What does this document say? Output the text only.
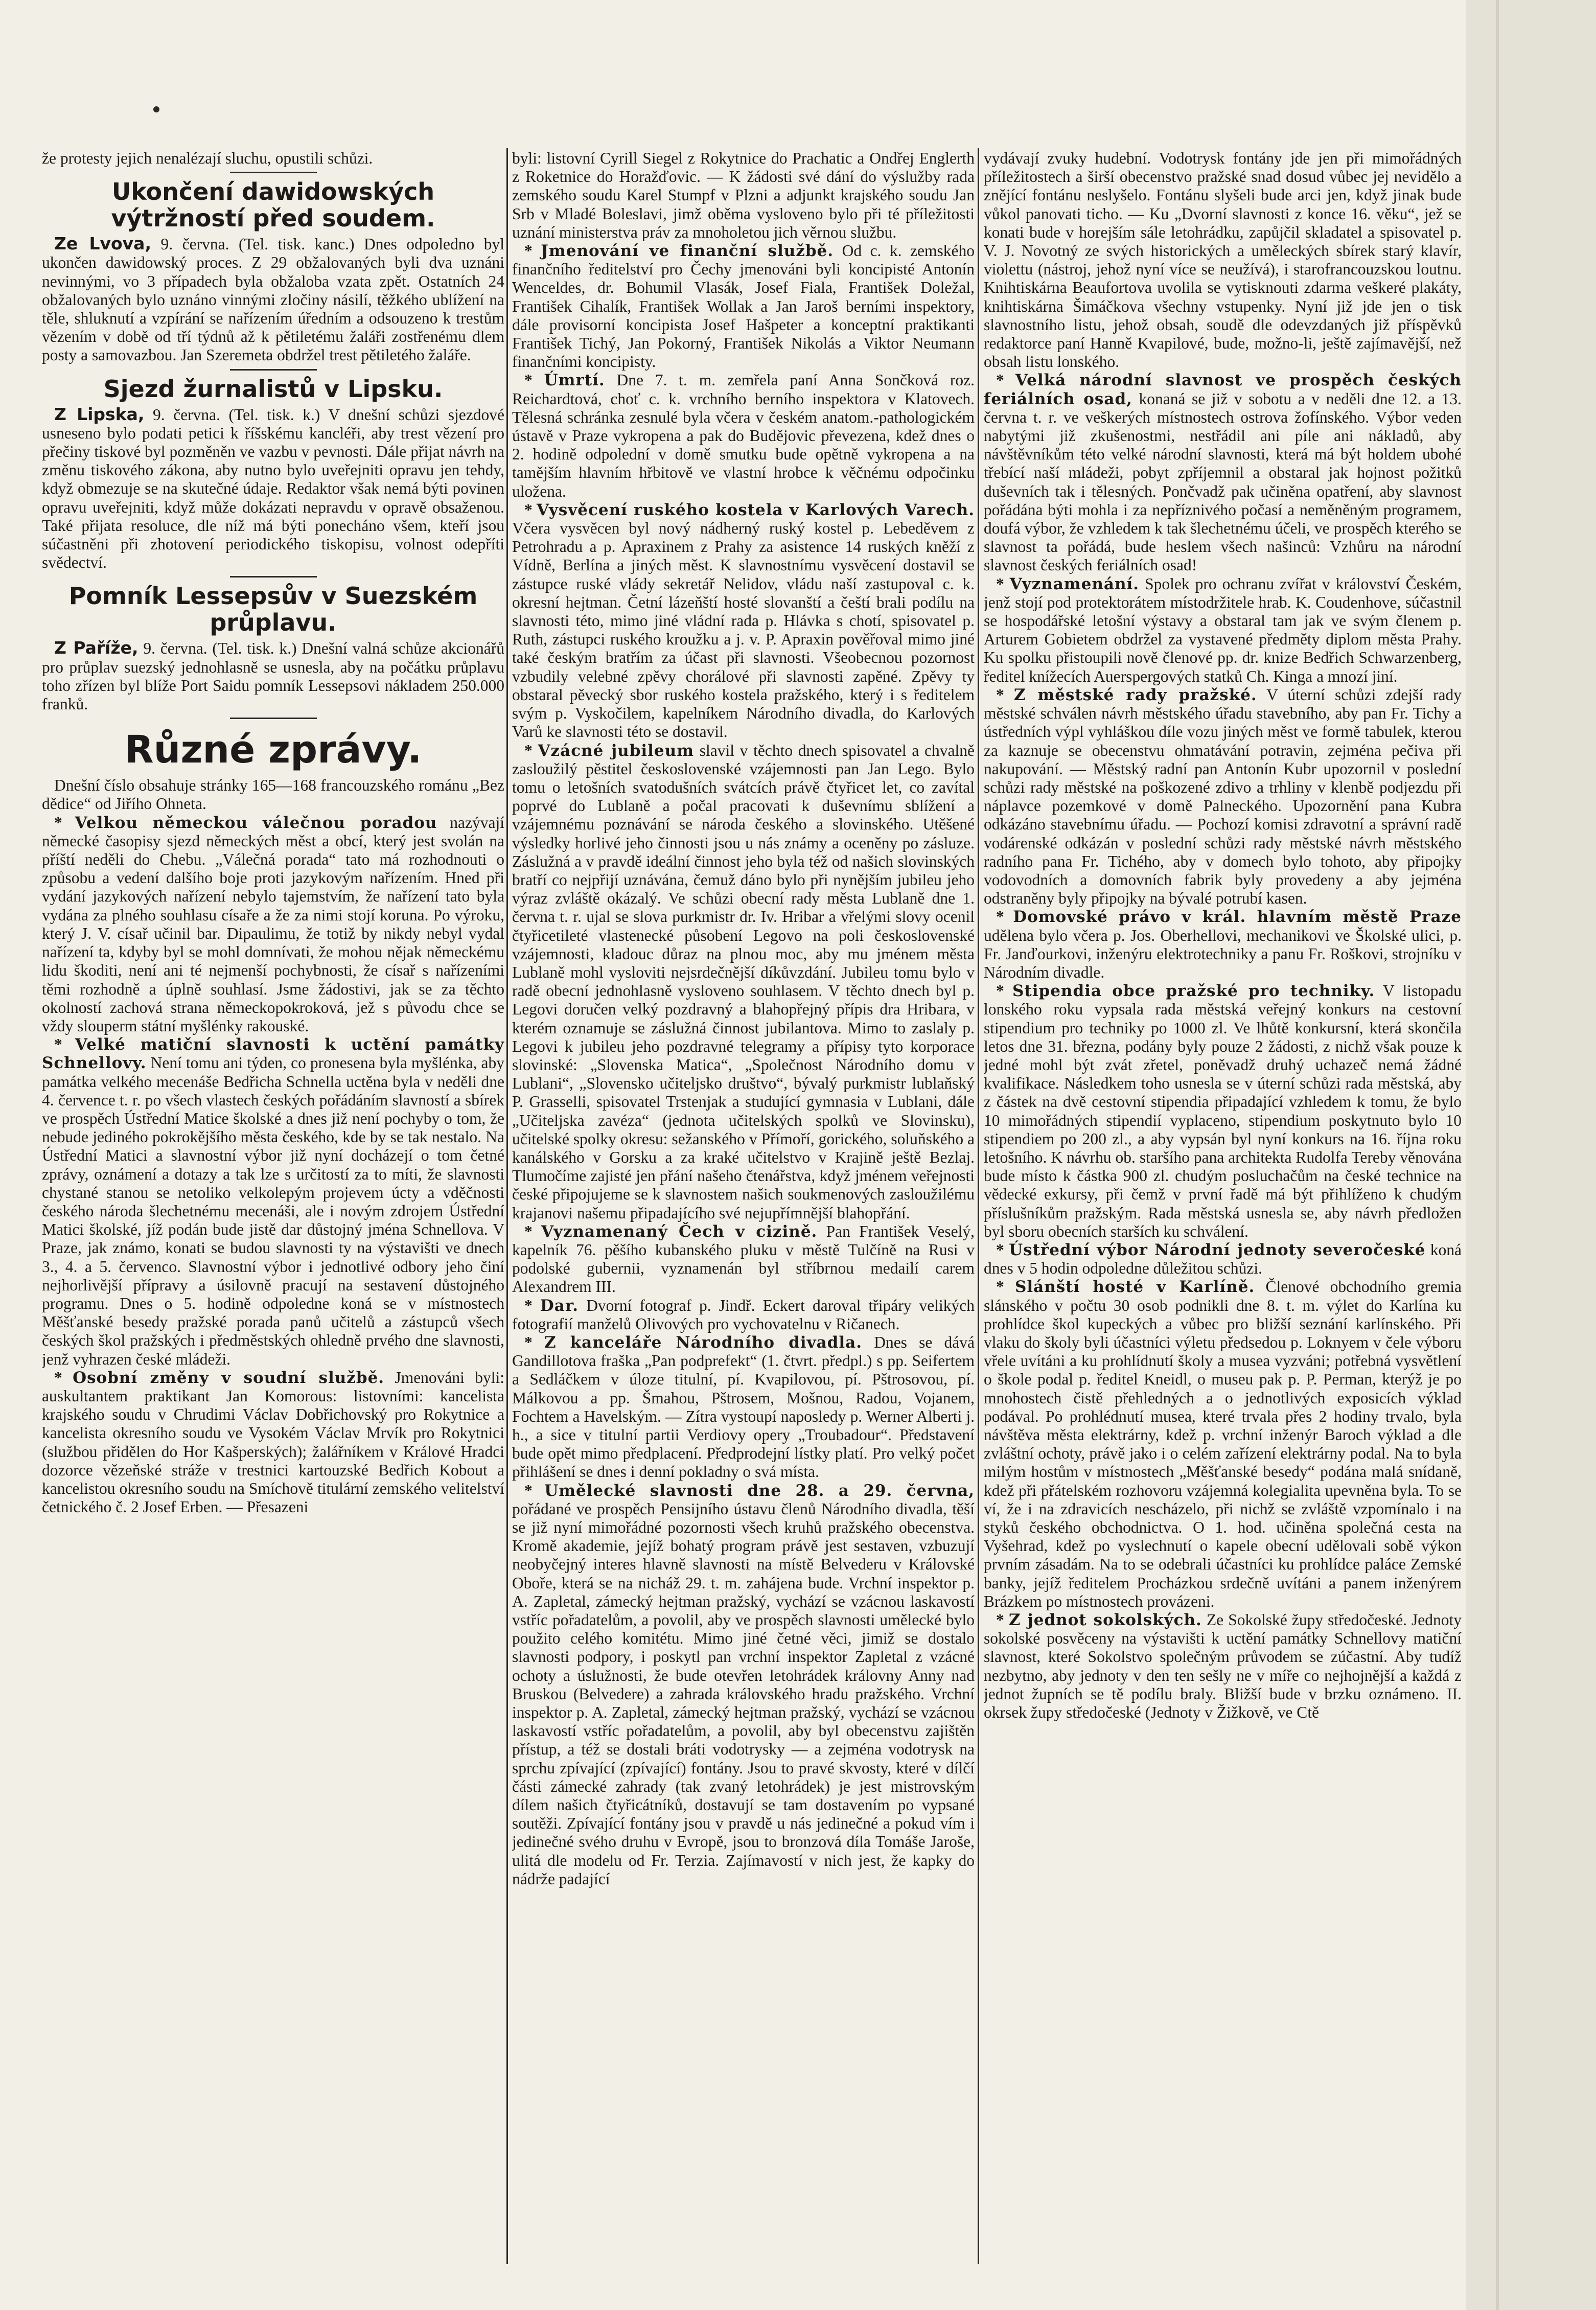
že protesty jejich nenalézají sluchu, opustili schůzi.

Ukončení dawidowských výtržností před soudem.

Ze Lvova, 9. června. (Tel. tisk. kanc.) Dnes odpoledno byl ukončen dawidowský proces. Z 29 obžalovaných byli dva uznáni nevinnými, vo 3 případech byla obžaloba vzata zpět. Ostatních 24 obžalovaných bylo uznáno vinnými zločiny násilí, těžkého ublížení na těle, shluknutí a vzpírání se nařízením úředním a odsouzeno k trestům vězením v době od tří týdnů až k pětiletému žaláři zostřenému dlem posty a samovazbou. Jan Szeremeta obdržel trest pětiletého žaláře.

Sjezd žurnalistů v Lipsku.

Z Lipska, 9. června. (Tel. tisk. k.) V dnešní schůzi sjezdové usneseno bylo podati petici k říšskému kancléři, aby trest vězení pro přečiny tiskové byl pozměněn ve vazbu v pevnosti. Dále přijat návrh na změnu tiskového zákona, aby nutno bylo uveřejniti opravu jen tehdy, když obmezuje se na skutečné údaje. Redaktor však nemá býti povinen opravu uveřejniti, když může dokázati nepravdu v opravě obsaženou. Také přijata resoluce, dle níž má býti ponecháno všem, kteří jsou súčastněni při zhotovení periodického tiskopisu, volnost odepříti svědectví.

Pomník Lessepsův v Suezském průplavu.

Z Paříže, 9. června. (Tel. tisk. k.) Dnešní valná schůze akcionářů pro průplav suezský jednohlasně se usnesla, aby na počátku průplavu toho zřízen byl blíže Port Saidu pomník Lessepsovi nákladem 250.000 franků.

Různé zprávy.

Dnešní číslo obsahuje stránky 165—168 francouzského románu „Bez dědice“ od Jiřího Ohneta.

* Velkou německou válečnou poradou nazývají německé časopisy sjezd německých měst a obcí, který jest svolán na příští neděli do Chebu. „Válečná porada“ tato má rozhodnouti o způsobu a vedení dalšího boje proti jazykovým nařízením. Hned při vydání jazykových nařízení nebylo tajemstvím, že nařízení tato byla vydána za plného souhlasu císaře a že za nimi stojí koruna. Po výroku, který J. V. císař učinil bar. Dipaulimu, že totiž by nikdy nebyl vydal nařízení ta, kdyby byl se mohl domnívati, že mohou nějak německému lidu škoditi, není ani té nejmenší pochybnosti, že císař s nařízeními těmi rozhodně a úplně souhlasí. Jsme žádostivi, jak se za těchto okolností zachová strana německopokroková, jež s původu chce se vždy slouperm státní myšlénky rakouské.

* Velké matiční slavnosti k uctění památky Schnellovy. Není tomu ani týden, co pronesena byla myšlénka, aby památka velkého mecenáše Bedřicha Schnella uctěna byla v neděli dne 4. července t. r. po všech vlastech českých pořádáním slavností a sbírek ve prospěch Ústřední Matice školské a dnes již není pochyby o tom, že nebude jediného pokrokějšího města českého, kde by se tak nestalo. Na Ústřední Matici a slavnostní výbor již nyní docházejí o tom četné zprávy, oznámení a dotazy a tak lze s určitostí za to míti, že slavnosti chystané stanou se netoliko velkolepým projevem úcty a vděčnosti českého národa šlechetnému mecenáši, ale i novým zdrojem Ústřední Matici školské, jíž podán bude jistě dar důstojný jména Schnellova. V Praze, jak známo, konati se budou slavnosti ty na výstavišti ve dnech 3., 4. a 5. červenco. Slavnostní výbor i jednotlivé odbory jeho činí nejhorlivější přípravy a úsilovně pracují na sestavení důstojného programu. Dnes o 5. hodině odpoledne koná se v místnostech Měšťanské besedy pražské porada panů učitelů a zástupců všech českých škol pražských i předměstských ohledně prvého dne slavnosti, jenž vyhrazen české mládeži.

* Osobní změny v soudní službě. Jmenováni byli: auskultantem praktikant Jan Komorous: listovními: kancelista krajského soudu v Chrudimi Václav Dobřichovský pro Rokytnice a kancelista okresního soudu ve Vysokém Václav Mrvík pro Rokytnici (službou přidělen do Hor Kašperských); žalářníkem v Králové Hradci dozorce vězeňské stráže v trestnici kartouzské Bedřich Kobout a kancelistou okresního soudu na Smíchově titulární zemského velitelství četnického č. 2 Josef Erben. — Přesazeni

byli: listovní Cyrill Siegel z Rokytnice do Prachatic a Ondřej Englerth z Roketnice do Horažďovic. — K žádosti své dání do výslužby rada zemského soudu Karel Stumpf v Plzni a adjunkt krajského soudu Jan Srb v Mladé Boleslavi, jimž oběma vysloveno bylo při té příležitosti uznání ministerstva práv za mnoholetou jich věrnou službu.

* Jmenování ve finanční službě. Od c. k. zemského finančního ředitelství pro Čechy jmenováni byli koncipisté Antonín Wenceldes, dr. Bohumil Vlasák, Josef Fiala, František Doležal, František Cihalík, František Wollak a Jan Jaroš berními inspektory, dále provisorní koncipista Josef Hašpeter a konceptní praktikanti František Tichý, Jan Pokorný, František Nikolás a Viktor Neumann finančními koncipisty.

* Úmrtí. Dne 7. t. m. zemřela paní Anna Sončková roz. Reichardtová, choť c. k. vrchního berního inspektora v Klatovech. Tělesná schránka zesnulé byla včera v českém anatom.-pathologickém ústavě v Praze vykropena a pak do Budějovic převezena, kdež dnes o 2. hodině odpolední v domě smutku bude opětně vykropena a na tamějším hlavním hřbitově ve vlastní hrobce k věčnému odpočinku uložena.

* Vysvěcení ruského kostela v Karlových Varech. Včera vysvěcen byl nový nádherný ruský kostel p. Lebeděvem z Petrohradu a p. Apraxinem z Prahy za asistence 14 ruských kněží z Vídně, Berlína a jiných měst. K slavnostnímu vysvěcení dostavil se zástupce ruské vlády sekretář Nelidov, vládu naší zastupoval c. k. okresní hejtman. Četní lázeňští hosté slovanští a čeští brali podílu na slavnosti této, mimo jiné vládní rada p. Hlávka s chotí, spisovatel p. Ruth, zástupci ruského kroužku a j. v. P. Apraxin pověřoval mimo jiné také českým bratřím za účast při slavnosti. Všeobecnou pozornost vzbudily velebné zpěvy chorálové při slavnosti zapěné. Zpěvy ty obstaral pěvecký sbor ruského kostela pražského, který i s ředitelem svým p. Vyskočilem, kapelníkem Národního divadla, do Karlových Varů ke slavnosti této se dostavil.

* Vzácné jubileum slavil v těchto dnech spisovatel a chvalně zasloužilý pěstitel československé vzájemnosti pan Jan Lego. Bylo tomu o letošních svatodušních svátcích právě čtyřicet let, co zavítal poprvé do Lublaně a počal pracovati k duševnímu sblížení a vzájemnému poznávání se národa českého a slovinského. Utěšené výsledky horlivé jeho činnosti jsou u nás známy a oceněny po zásluze. Záslužná a v pravdě ideální činnost jeho byla též od našich slovinských bratří co nejpřijí uznávána, čemuž dáno bylo při nynějším jubileu jeho výraz zvláště okázalý. Ve schůzi obecní rady města Lublaně dne 1. června t. r. ujal se slova purkmistr dr. Iv. Hribar a vřelými slovy ocenil čtyřicetileté vlastenecké působení Legovo na poli československé vzájemnosti, kladouc důraz na plnou moc, aby mu jménem města Lublaně mohl vysloviti nejsrdečnější díkůvzdání. Jubileu tomu bylo v radě obecní jednohlasně vysloveno souhlasem. V těchto dnech byl p. Legovi doručen velký pozdravný a blahopřejný přípis dra Hribara, v kterém oznamuje se záslužná činnost jubilantova. Mimo to zaslaly p. Legovi k jubileu jeho pozdravné telegramy a přípisy tyto korporace slovinské: „Slovenska Matica“, „Společnost Národního domu v Lublani“, „Slovensko učiteljsko društvo“, bývalý purkmistr lublaňský P. Grasselli, spisovatel Trstenjak a studující gymnasia v Lublani, dále „Učiteljska zavéza“ (jednota učitelských spolků ve Slovinsku), učitelské spolky okresu: sežanského v Přímoří, gorického, soluňského a kanálského v Gorsku a za kraké učitelstvo v Krajině ještě Bezlaj. Tlumočíme zajisté jen přání našeho čtenářstva, když jménem veřejnosti české připojujeme se k slavnostem našich soukmenových zasloužilému krajanovi našemu připadajícího své nejupřímnější blahopřání.

* Vyznamenaný Čech v cizině. Pan František Veselý, kapelník 76. pěšího kubanského pluku v městě Tulčíně na Rusi v podolské gubernii, vyznamenán byl stříbrnou medailí carem Alexandrem III.

* Dar. Dvorní fotograf p. Jindř. Eckert daroval třipáry velikých fotografií manželů Olivových pro vychovatelnu v Ričanech.

* Z kanceláře Národního divadla. Dnes se dává Gandillotova fraška „Pan podprefekt“ (1. čtvrt. předpl.) s pp. Seifertem a Sedláčkem v úloze titulní, pí. Kvapilovou, pí. Pštrosovou, pí. Málkovou a pp. Šmahou, Pštrosem, Mošnou, Radou, Vojanem, Fochtem a Havelským. — Zítra vystoupí naposledy p. Werner Alberti j. h., a sice v titulní partii Verdiovy opery „Troubadour“. Představení bude opět mimo předplacení. Předprodejní lístky platí. Pro velký počet přihlášení se dnes i denní pokladny o svá místa.

* Umělecké slavnosti dne 28. a 29. června, pořádané ve prospěch Pensijního ústavu členů Národního divadla, těší se již nyní mimořádné pozornosti všech kruhů pražského obecenstva. Kromě akademie, jejíž bohatý program právě jest sestaven, vzbuzují neobyčejný interes hlavně slavnosti na místě Belvederu v Královské Oboře, která se na nicháž 29. t. m. zahájena bude. Vrchní inspektor p. A. Zapletal, zámecký hejtman pražský, vychází se vzácnou laskavostí vstříc pořadatelům, a povolil, aby ve prospěch slavnosti umělecké bylo použito celého komitétu. Mimo jiné četné věci, jimiž se dostalo slavnosti podpory, i poskytl pan vrchní inspektor Zapletal z vzácné ochoty a úslužnosti, že bude otevřen letohrádek královny Anny nad Bruskou (Belvedere) a zahrada královského hradu pražského. Vrchní inspektor p. A. Zapletal, zámecký hejtman pražský, vychází se vzácnou laskavostí vstříc pořadatelům, a povolil, aby byl obecenstvu zajištěn přístup, a též se dostali bráti vodotrysky — a zejména vodotrysk na sprchu zpívající (zpívající) fontány. Jsou to pravé skvosty, které v dílčí části zámecké zahrady (tak zvaný letohrádek) je jest mistrovským dílem našich čtyřicátníků, dostavují se tam dostavením po vypsané soutěži. Zpívající fontány jsou v pravdě u nás jedinečné a pokud vím i jedinečné svého druhu v Evropě, jsou to bronzová díla Tomáše Jaroše, ulitá dle modelu od Fr. Terzia. Zajímavostí v nich jest, že kapky do nádrže padající

vydávají zvuky hudební. Vodotrysk fontány jde jen při mimořádných příležitostech a širší obecenstvo pražské snad dosud vůbec jej nevidělo a znějící fontánu neslyšelo. Fontánu slyšeli bude arci jen, když jinak bude vůkol panovati ticho. — Ku „Dvorní slavnosti z konce 16. věku“, jež se konati bude v horejším sále letohrádku, zapůjčil skladatel a spisovatel p. V. J. Novotný ze svých historických a uměleckých sbírek starý klavír, violettu (nástroj, jehož nyní více se neužívá), i starofrancouzskou loutnu. Knihtiskárna Beaufortova uvolila se vytisknouti zdarma veškeré plakáty, knihtiskárna Šimáčkova všechny vstupenky. Nyní již jde jen o tisk slavnostního listu, jehož obsah, soudě dle odevzdaných již příspěvků redaktorce paní Hanně Kvapilové, bude, možno-li, ještě zajímavější, než obsah listu lonského.

* Velká národní slavnost ve prospěch českých feriálních osad, konaná se již v sobotu a v neděli dne 12. a 13. června t. r. ve veškerých místnostech ostrova žofínského. Výbor veden nabytými již zkušenostmi, nestřádil ani píle ani nákladů, aby návštěvníkům této velké národní slavnosti, která má být holdem ubohé třebící naší mládeži, pobyt zpříjemnil a obstaral jak hojnost požitků duševních tak i tělesných. Pončvadž pak učiněna opatření, aby slavnost pořádána býti mohla i za nepříznivého počasí a neměněným programem, doufá výbor, že vzhledem k tak šlechetnému účeli, ve prospěch kterého se slavnost ta pořádá, bude heslem všech našinců: Vzhůru na národní slavnost českých feriálních osad!

* Vyznamenání. Spolek pro ochranu zvířat v království Českém, jenž stojí pod protektorátem místodržitele hrab. K. Coudenhove, súčastnil se hospodářské letošní výstavy a obstaral tam jak ve svým členem p. Arturem Gobietem obdržel za vystavené předměty diplom města Prahy. Ku spolku přistoupili nově členové pp. dr. knize Bedřich Schwarzenberg, ředitel knížecích Auerspergových statků Ch. Kinga a mnozí jiní.

* Z městské rady pražské. V úterní schůzi zdejší rady městské schválen návrh městského úřadu stavebního, aby pan Fr. Tichy a ústředních výpl vyhláškou díle vozu jiných měst ve formě tabulek, kterou za kaznuje se obecenstvu ohmatávání potravin, zejména pečiva při nakupování. — Městský radní pan Antonín Kubr upozornil v poslední schůzi rady městské na poškozené zdivo a trhliny v klenbě podjezdu při náplavce pozemkové v domě Palneckého. Upozornění pana Kubra odkázáno stavebnímu úřadu. — Pochozí komisi zdravotní a správní radě vodárenské odkázán v poslední schůzi rady městské návrh městského radního pana Fr. Tichého, aby v domech bylo tohoto, aby připojky vodovodních a domovních fabrik byly provedeny a aby jejména odstraněny byly připojky na bývalé potrubí kasen.

* Domovské právo v král. hlavním městě Praze udělena bylo včera p. Jos. Oberhellovi, mechanikovi ve Školské ulici, p. Fr. Janďourkovi, inženýru elektrotechniky a panu Fr. Roškovi, strojníku v Národním divadle.

* Stipendia obce pražské pro techniky. V listopadu lonského roku vypsala rada městská veřejný konkurs na cestovní stipendium pro techniky po 1000 zl. Ve lhůtě konkursní, která skončila letos dne 31. března, podány byly pouze 2 žádosti, z nichž však pouze k jedné mohl být zvát zřetel, poněvadž druhý uchazeč nemá žádné kvalifikace. Následkem toho usnesla se v úterní schůzi rada městská, aby z částek na dvě cestovní stipendia připadající vzhledem k tomu, že bylo 10 mimořádných stipendií vyplaceno, stipendium poskytnuto bylo 10 stipendiem po 200 zl., a aby vypsán byl nyní konkurs na 16. října roku letošního. K návrhu ob. staršího pana architekta Rudolfa Tereby věnována bude místo k částka 900 zl. chudým posluchačům na české technice na vědecké exkursy, při čemž v první řadě má být přihlíženo k chudým příslušníkům pražským. Rada městská usnesla se, aby návrh předložen byl sboru obecních starších ku schválení.

* Ústřední výbor Národní jednoty severočeské koná dnes v 5 hodin odpoledne důležitou schůzi.

* Slánští hosté v Karlíně. Členové obchodního gremia slánského v počtu 30 osob podnikli dne 8. t. m. výlet do Karlína ku prohlídce škol kupeckých a vůbec pro bližší seznání karlínského. Při vlaku do školy byli účastníci výletu předsedou p. Loknyem v čele výboru vřele uvítáni a ku prohlídnutí školy a musea vyzváni; potřebná vysvětlení o škole podal p. ředitel Kneidl, o museu pak p. P. Perman, kterýž je po mnohostech čistě přehledných a o jednotlivých exposicích výklad podával. Po prohlédnutí musea, které trvala přes 2 hodiny trvalo, byla návštěva města elektrárny, kdež p. vrchní inženýr Baroch výklad a dle zvláštní ochoty, právě jako i o celém zařízení elektrárny podal. Na to byla milým hostům v místnostech „Měšťanské besedy“ podána malá snídaně, kdež při přátelském rozhovoru vzájemná kolegialita upevněna byla. To se ví, že i na zdravicích nescházelo, při nichž se zvláště vzpomínalo i na styků českého obchodnictva. O 1. hod. učiněna společná cesta na Vyšehrad, kdež po vyslechnutí o kapele obecní udělovali sobě výkon prvním zásadám. Na to se odebrali účastníci ku prohlídce paláce Zemské banky, jejíž ředitelem Procházkou srdečně uvítáni a panem inženýrem Brázkem po místnostech provázeni.

* Z jednot sokolských. Ze Sokolské župy středočeské. Jednoty sokolské posvěceny na výstavišti k uctění památky Schnellovy matiční slavnost, které Sokolstvo společným průvodem se zúčastní. Aby tudíž nezbytno, aby jednoty v den ten sešly ne v míře co nejhojnější a každá z jednot župních se tě podílu braly. Bližší bude v brzku oznámeno. II. okrsek župy středočeské (Jednoty v Žižkově, ve Ctě
